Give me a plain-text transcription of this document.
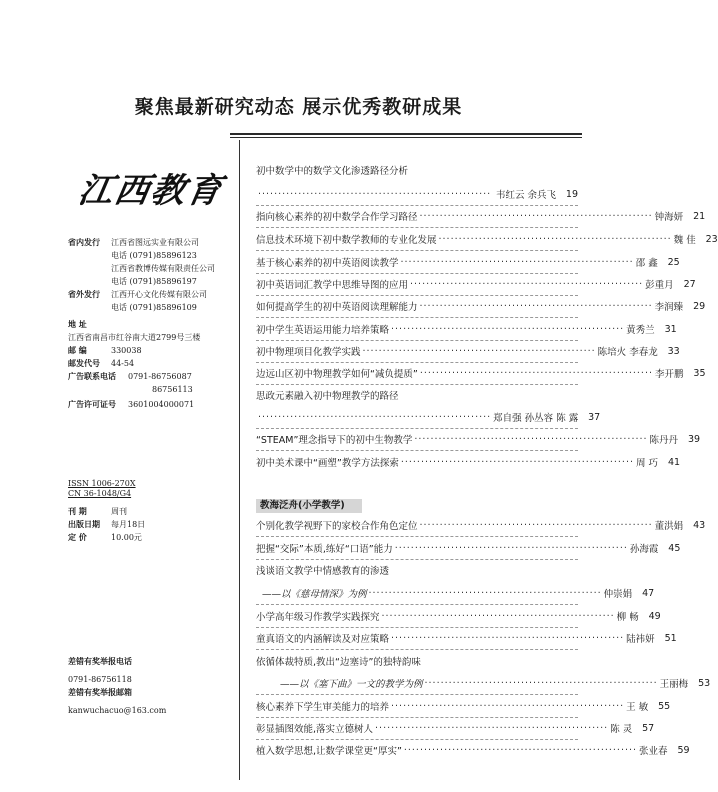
聚焦最新研究动态 展示优秀教研成果
江西教育
省内发行	江西省图远实业有限公司
电话 (0791)85896123
江西省教博传媒有限责任公司
电话 (0791)85896197
省外发行	江西开心文化传媒有限公司
电话 (0791)85896109
地 址
江西省南昌市红谷南大道2799号三楼
邮 编	330038
邮发代号	44-54
广告联系电话	0791-86756087
86756113
广告许可证号	3601004000071
ISSN 1006-270X
CN 36-1048/G4
刊 期	周刊
出版日期	每月18日
定 价	10.00元
差错有奖举报电话
0791-86756118
差错有奖举报邮箱
kanwuchacuo@163.com
初中数学中的数学文化渗透路径分析
·························································· 韦红云 余兵飞	19
指向核心素养的初中数学合作学习路径 ·························································· 钟海妍	21
信息技术环境下初中数学教师的专业化发展 ·························································· 魏 佳	23
基于核心素养的初中英语阅读教学 ·························································· 邵 鑫	25
初中英语词汇教学中思维导图的应用 ·························································· 彭重月	27
如何提高学生的初中英语阅读理解能力 ·························································· 李润臻	29
初中学生英语运用能力培养策略 ·························································· 黄秀兰	31
初中物理项目化教学实践 ·························································· 陈培火 李春龙	33
边远山区初中物理教学如何“减负提质” ·························································· 李开鹏	35
思政元素融入初中物理教学的路径
·························································· 郑自强 孙丛容 陈 露	37
“STEAM”理念指导下的初中生物教学 ·························································· 陈丹丹	39
初中美术课中“画塑”教学方法探索 ·························································· 周 巧	41
教海泛舟(小学教学)
个别化教学视野下的家校合作角色定位 ·························································· 董洪娟	43
把握“交际”本质,练好“口语”能力 ·························································· 孙海霞	45
浅谈语文教学中情感教育的渗透
——以《慈母情深》为例 ·························································· 仲崇娟	47
小学高年级习作教学实践探究 ·························································· 柳 畅	49
童真语文的内涵解读及对应策略 ·························································· 陆祎妍	51
依循体裁特质,教出“边塞诗”的独特韵味
——以《塞下曲》一文的教学为例 ·························································· 王丽梅	53
核心素养下学生审美能力的培养 ·························································· 王 敏	55
彰显插图效能,落实立德树人 ·························································· 陈 灵	57
植入数学思想,让数学课堂更“厚实” ·························································· 张业春	59
